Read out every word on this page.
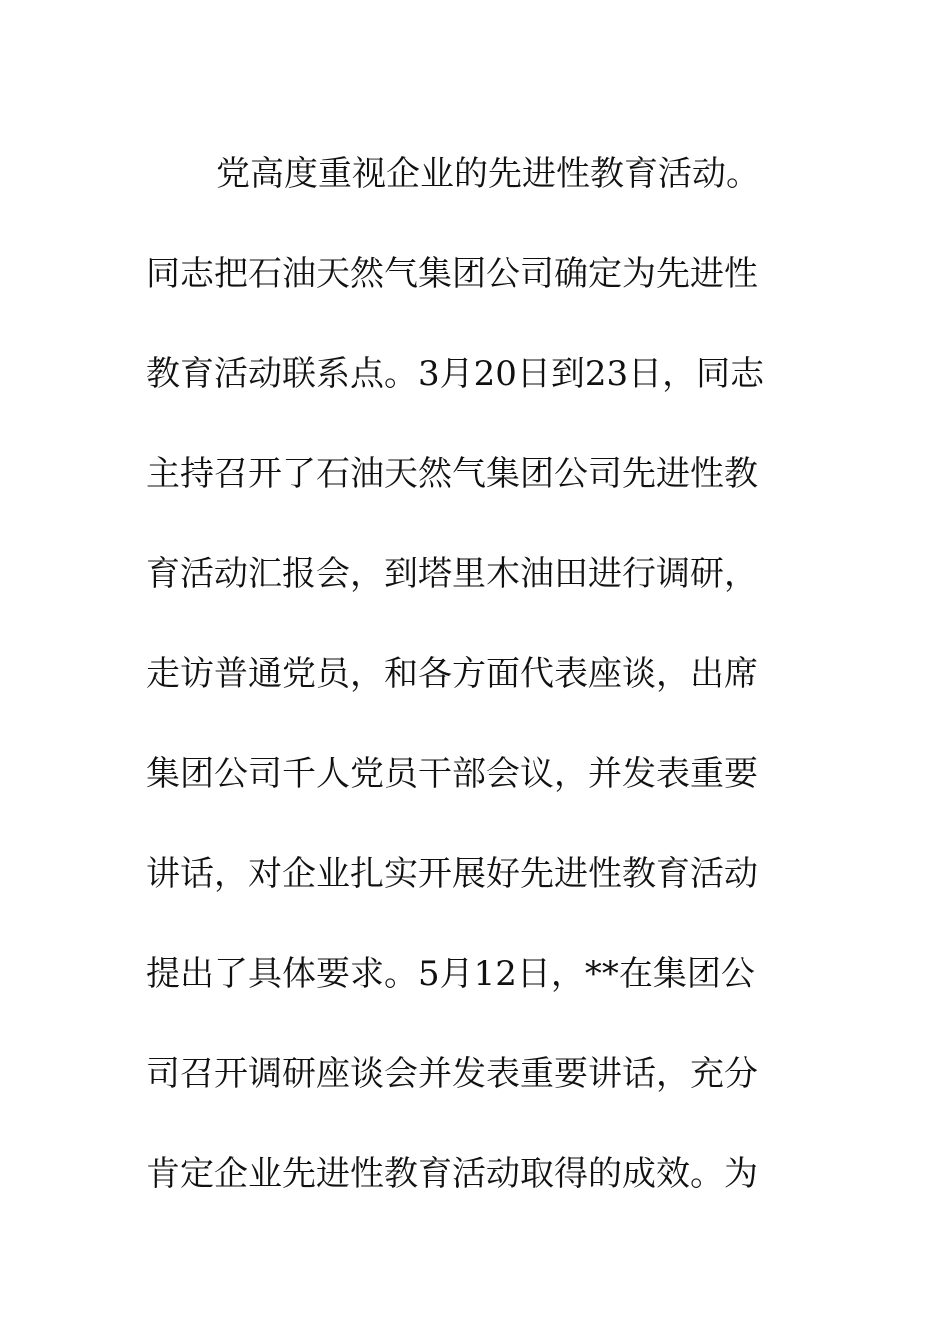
党高度重视企业的先进性教育活动。
同志把石油天然气集团公司确定为先进性
教育活动联系点。3月20日到23日，同志
主持召开了石油天然气集团公司先进性教
育活动汇报会，到塔里木油田进行调研，
走访普通党员，和各方面代表座谈，出席
集团公司千人党员干部会议，并发表重要
讲话，对企业扎实开展好先进性教育活动
提出了具体要求。5月12日，**在集团公
司召开调研座谈会并发表重要讲话，充分
肯定企业先进性教育活动取得的成效。为
